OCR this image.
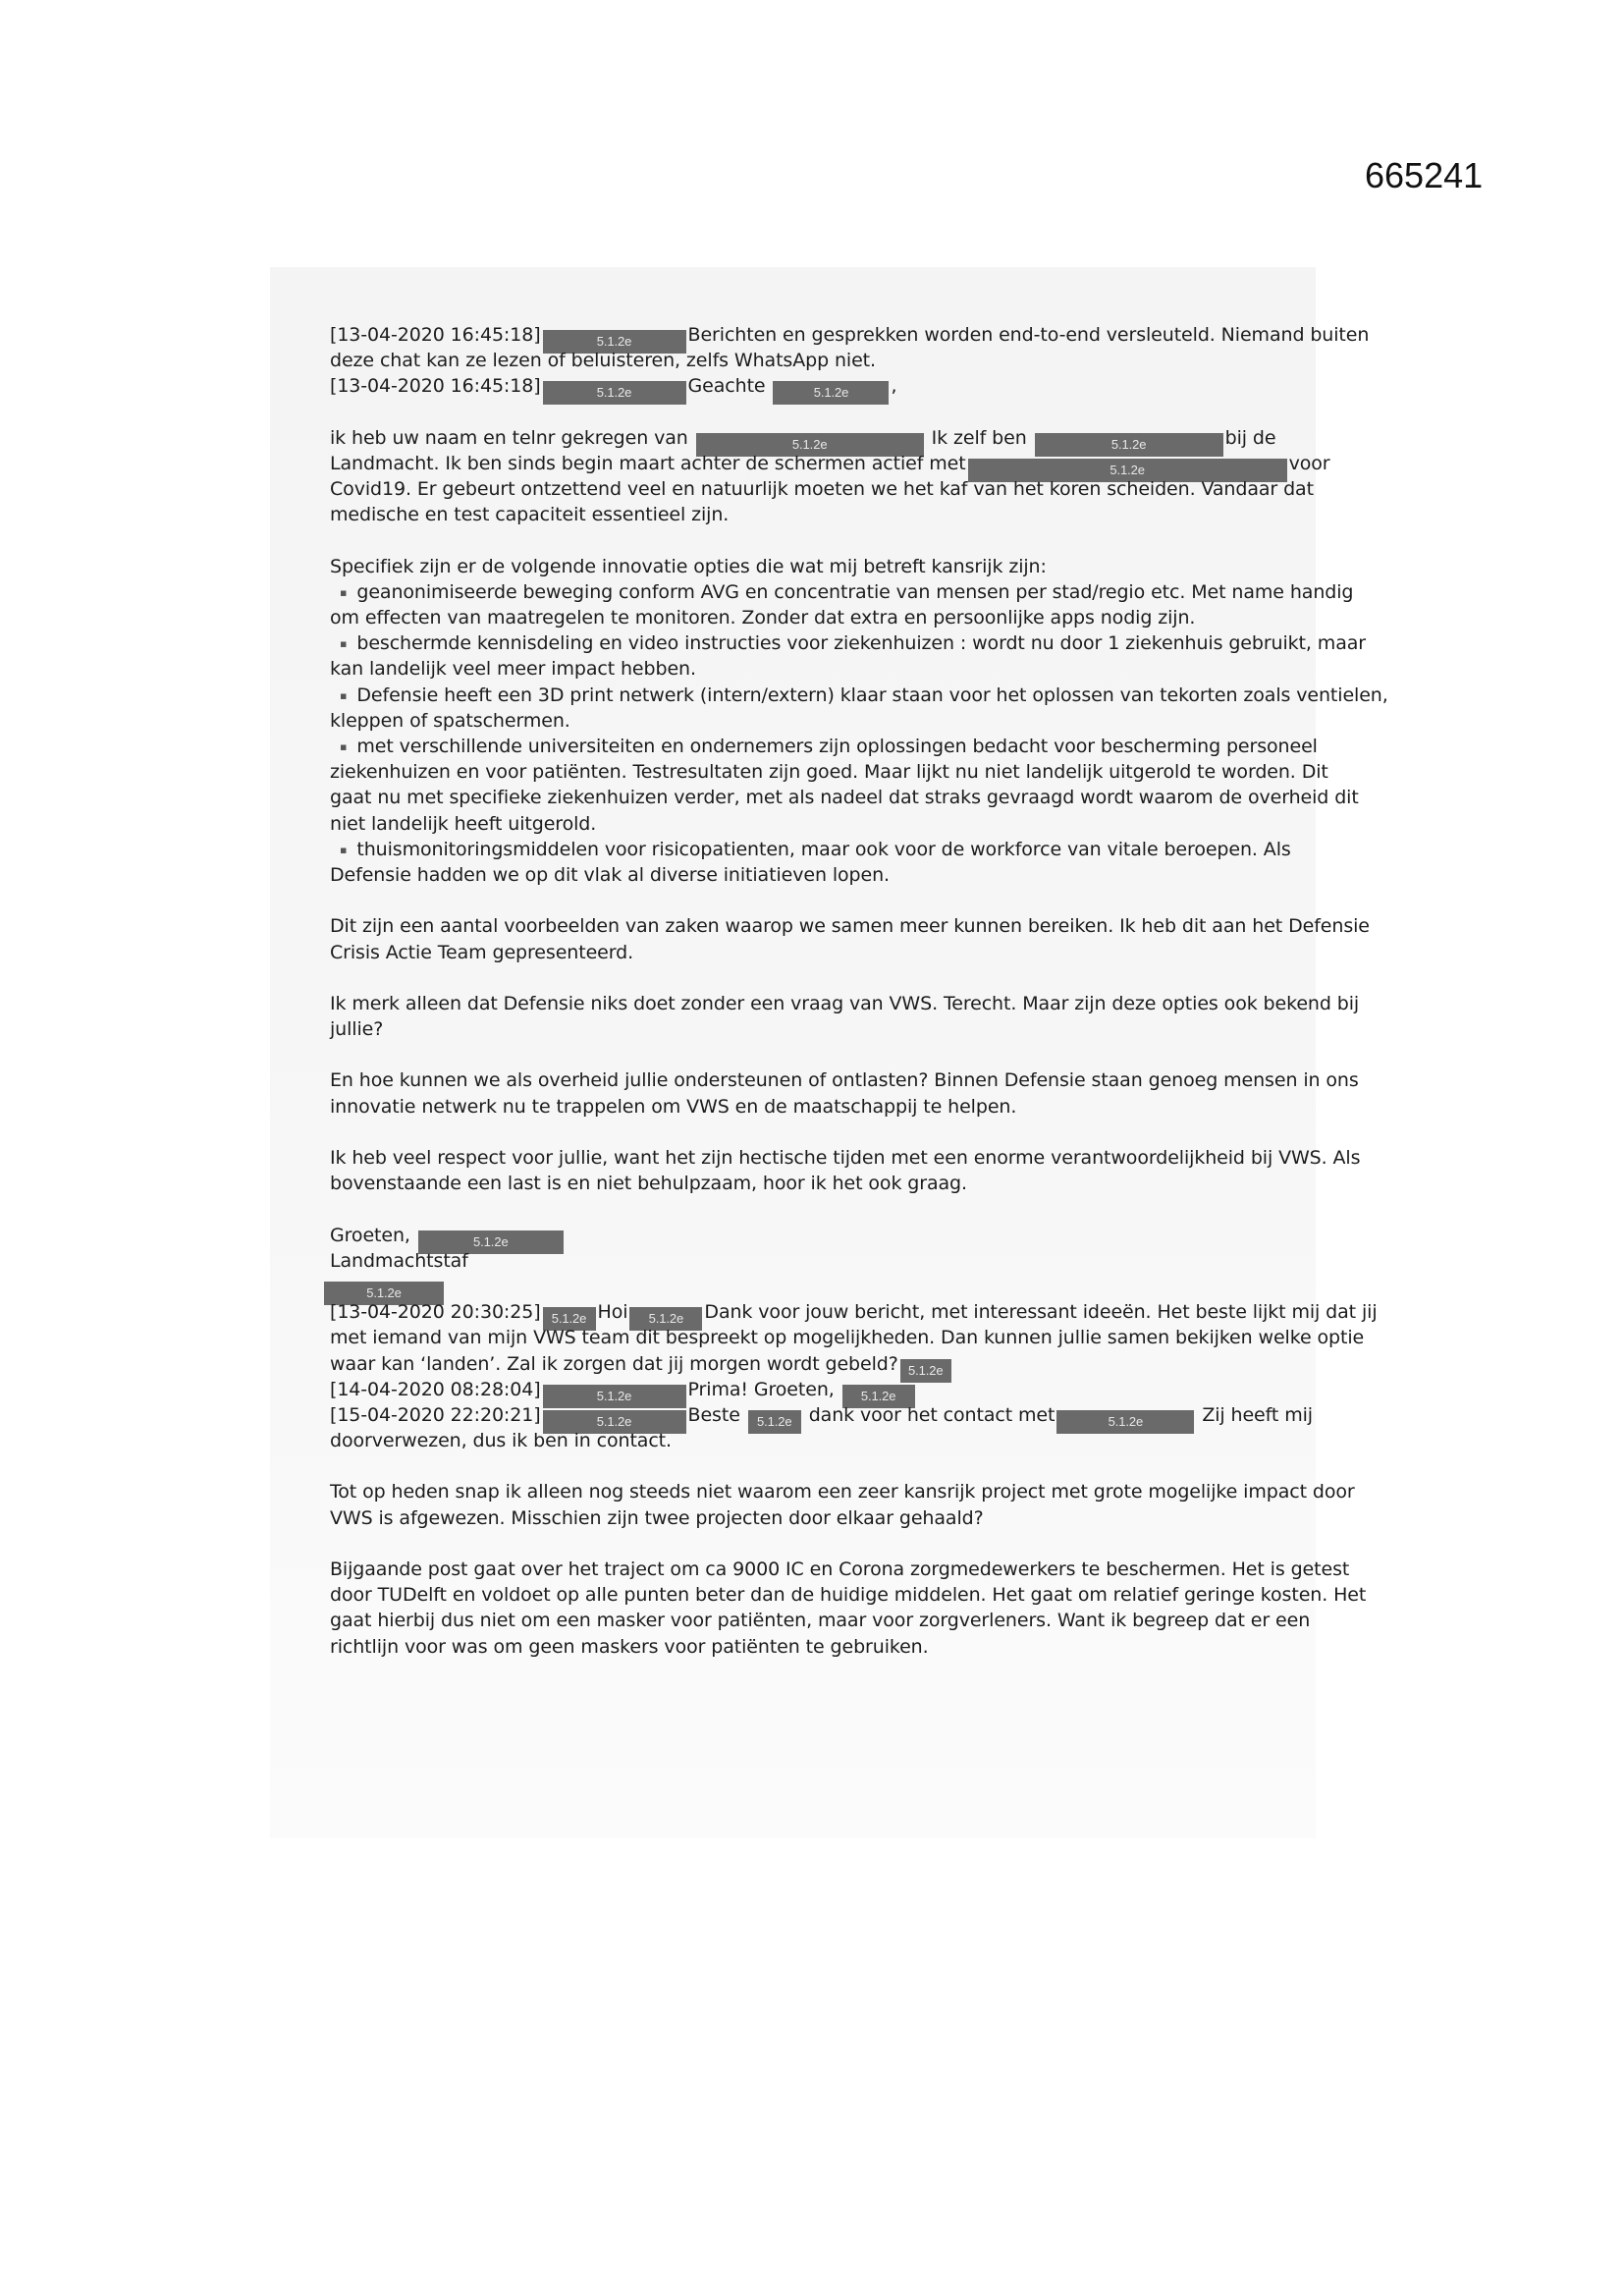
665241
[13-04-2020 16:45:18]	5.1.2e	Berichten en gesprekken worden end-to-end versleuteld. Niemand buiten
deze chat kan ze lezen of beluisteren, zelfs WhatsApp niet.
[13-04-2020 16:45:18]	5.1.2e	Geachte	5.1.2e ,
ik heb uw naam en telnr gekregen van	5.1.2e	Ik zelf ben	5.1.2e	bij de
Landmacht. Ik ben sinds begin maart achter de schermen actief met	5.1.2e	voor
Covid19. Er gebeurt ontzettend veel en natuurlijk moeten we het kaf van het koren scheiden. Vandaar dat
medische en test capaciteit essentieel zijn.
Specifiek zijn er de volgende innovatie opties die wat mij betreft kansrijk zijn:
▪ geanonimiseerde beweging conform AVG en concentratie van mensen per stad/regio etc. Met name handig
om effecten van maatregelen te monitoren. Zonder dat extra en persoonlijke apps nodig zijn.
▪ beschermde kennisdeling en video instructies voor ziekenhuizen : wordt nu door 1 ziekenhuis gebruikt, maar
kan landelijk veel meer impact hebben.
▪ Defensie heeft een 3D print netwerk (intern/extern) klaar staan voor het oplossen van tekorten zoals ventielen,
kleppen of spatschermen.
▪ met verschillende universiteiten en ondernemers zijn oplossingen bedacht voor bescherming personeel
ziekenhuizen en voor patiënten. Testresultaten zijn goed. Maar lijkt nu niet landelijk uitgerold te worden. Dit
gaat nu met specifieke ziekenhuizen verder, met als nadeel dat straks gevraagd wordt waarom de overheid dit
niet landelijk heeft uitgerold.
▪ thuismonitoringsmiddelen voor risicopatienten, maar ook voor de workforce van vitale beroepen. Als
Defensie hadden we op dit vlak al diverse initiatieven lopen.
Dit zijn een aantal voorbeelden van zaken waarop we samen meer kunnen bereiken. Ik heb dit aan het Defensie
Crisis Actie Team gepresenteerd.
Ik merk alleen dat Defensie niks doet zonder een vraag van VWS. Terecht. Maar zijn deze opties ook bekend bij
jullie?
En hoe kunnen we als overheid jullie ondersteunen of ontlasten? Binnen Defensie staan genoeg mensen in ons
innovatie netwerk nu te trappelen om VWS en de maatschappij te helpen.
Ik heb veel respect voor jullie, want het zijn hectische tijden met een enorme verantwoordelijkheid bij VWS. Als
bovenstaande een last is en niet behulpzaam, hoor ik het ook graag.
Groeten,	5.1.2e
Landmachtstaf
5.1.2e
[13-04-2020 20:30:25] 5.1.2e Hoi 5.1.2e Dank voor jouw bericht, met interessant ideeën. Het beste lijkt mij dat jij
met iemand van mijn VWS team dit bespreekt op mogelijkheden. Dan kunnen jullie samen bekijken welke optie
waar kan ‘landen’. Zal ik zorgen dat jij morgen wordt gebeld? 5.1.2e
[14-04-2020 08:28:04]	5.1.2e	Prima! Groeten, 5.1.2e
[15-04-2020 22:20:21]	5.1.2e	Beste 5.1.2e dank voor het contact met	5.1.2e	Zij heeft mij
doorverwezen, dus ik ben in contact.
Tot op heden snap ik alleen nog steeds niet waarom een zeer kansrijk project met grote mogelijke impact door
VWS is afgewezen. Misschien zijn twee projecten door elkaar gehaald?
Bijgaande post gaat over het traject om ca 9000 IC en Corona zorgmedewerkers te beschermen. Het is getest
door TUDelft en voldoet op alle punten beter dan de huidige middelen. Het gaat om relatief geringe kosten. Het
gaat hierbij dus niet om een masker voor patiënten, maar voor zorgverleners. Want ik begreep dat er een
richtlijn voor was om geen maskers voor patiënten te gebruiken.
